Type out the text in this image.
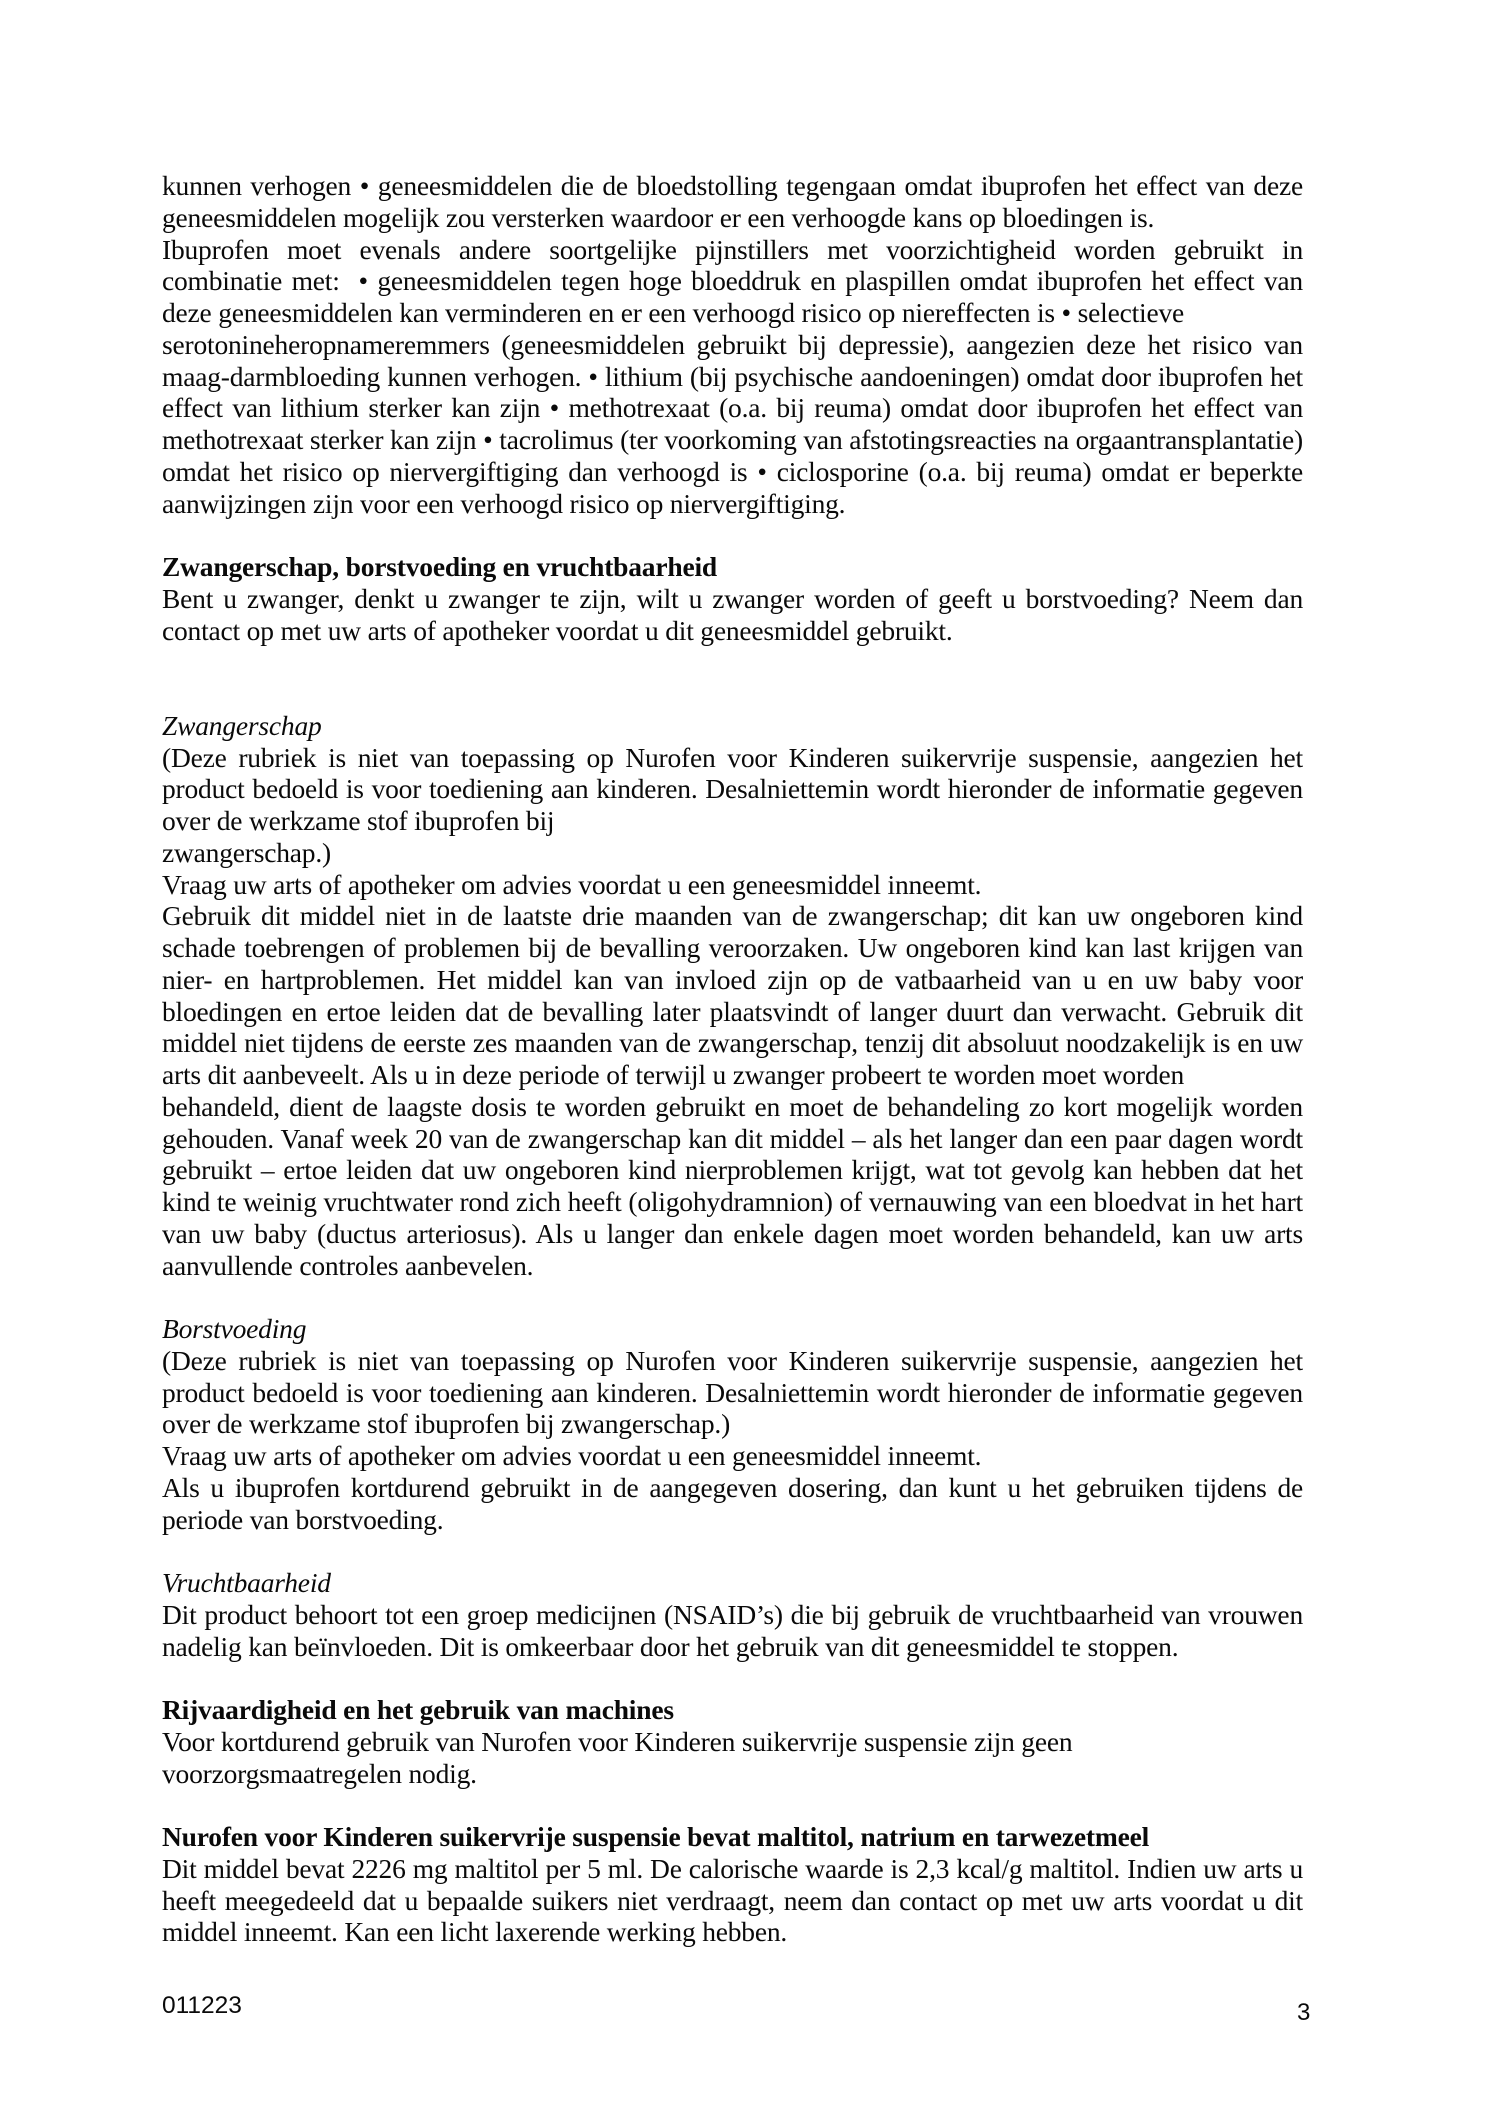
kunnen verhogen • geneesmiddelen die de bloedstolling tegengaan omdat ibuprofen het effect van deze
geneesmiddelen mogelijk zou versterken waardoor er een verhoogde kans op bloedingen is.
Ibuprofen moet evenals andere soortgelijke pijnstillers met voorzichtigheid worden gebruikt in
combinatie met:  • geneesmiddelen tegen hoge bloeddruk en plaspillen omdat ibuprofen het effect van
deze geneesmiddelen kan verminderen en er een verhoogd risico op niereffecten is • selectieve
serotonineheropnameremmers (geneesmiddelen gebruikt bij depressie), aangezien deze het risico van
maag-darmbloeding kunnen verhogen. • lithium (bij psychische aandoeningen) omdat door ibuprofen het
effect van lithium sterker kan zijn • methotrexaat (o.a. bij reuma) omdat door ibuprofen het effect van
methotrexaat sterker kan zijn • tacrolimus (ter voorkoming van afstotingsreacties na orgaantransplantatie)
omdat het risico op niervergiftiging dan verhoogd is • ciclosporine (o.a. bij reuma) omdat er beperkte
aanwijzingen zijn voor een verhoogd risico op niervergiftiging.
Zwangerschap, borstvoeding en vruchtbaarheid
Bent u zwanger, denkt u zwanger te zijn, wilt u zwanger worden of geeft u borstvoeding? Neem dan
contact op met uw arts of apotheker voordat u dit geneesmiddel gebruikt.
Zwangerschap
(Deze rubriek is niet van toepassing op Nurofen voor Kinderen suikervrije suspensie, aangezien het
product bedoeld is voor toediening aan kinderen. Desalniettemin wordt hieronder de informatie gegeven
over de werkzame stof ibuprofen bij
zwangerschap.)
Vraag uw arts of apotheker om advies voordat u een geneesmiddel inneemt.
Gebruik dit middel niet in de laatste drie maanden van de zwangerschap; dit kan uw ongeboren kind
schade toebrengen of problemen bij de bevalling veroorzaken. Uw ongeboren kind kan last krijgen van
nier- en hartproblemen. Het middel kan van invloed zijn op de vatbaarheid van u en uw baby voor
bloedingen en ertoe leiden dat de bevalling later plaatsvindt of langer duurt dan verwacht. Gebruik dit
middel niet tijdens de eerste zes maanden van de zwangerschap, tenzij dit absoluut noodzakelijk is en uw
arts dit aanbeveelt. Als u in deze periode of terwijl u zwanger probeert te worden moet worden
behandeld, dient de laagste dosis te worden gebruikt en moet de behandeling zo kort mogelijk worden
gehouden. Vanaf week 20 van de zwangerschap kan dit middel – als het langer dan een paar dagen wordt
gebruikt – ertoe leiden dat uw ongeboren kind nierproblemen krijgt, wat tot gevolg kan hebben dat het
kind te weinig vruchtwater rond zich heeft (oligohydramnion) of vernauwing van een bloedvat in het hart
van uw baby (ductus arteriosus). Als u langer dan enkele dagen moet worden behandeld, kan uw arts
aanvullende controles aanbevelen.
Borstvoeding
(Deze rubriek is niet van toepassing op Nurofen voor Kinderen suikervrije suspensie, aangezien het
product bedoeld is voor toediening aan kinderen. Desalniettemin wordt hieronder de informatie gegeven
over de werkzame stof ibuprofen bij zwangerschap.)
Vraag uw arts of apotheker om advies voordat u een geneesmiddel inneemt.
Als u ibuprofen kortdurend gebruikt in de aangegeven dosering, dan kunt u het gebruiken tijdens de
periode van borstvoeding.
Vruchtbaarheid
Dit product behoort tot een groep medicijnen (NSAID’s) die bij gebruik de vruchtbaarheid van vrouwen
nadelig kan beïnvloeden. Dit is omkeerbaar door het gebruik van dit geneesmiddel te stoppen.
Rijvaardigheid en het gebruik van machines
Voor kortdurend gebruik van Nurofen voor Kinderen suikervrije suspensie zijn geen
voorzorgsmaatregelen nodig.
Nurofen voor Kinderen suikervrije suspensie bevat maltitol, natrium en tarwezetmeel
Dit middel bevat 2226 mg maltitol per 5 ml. De calorische waarde is 2,3 kcal/g maltitol. Indien uw arts u
heeft meegedeeld dat u bepaalde suikers niet verdraagt, neem dan contact op met uw arts voordat u dit
middel inneemt. Kan een licht laxerende werking hebben.
011223	3
